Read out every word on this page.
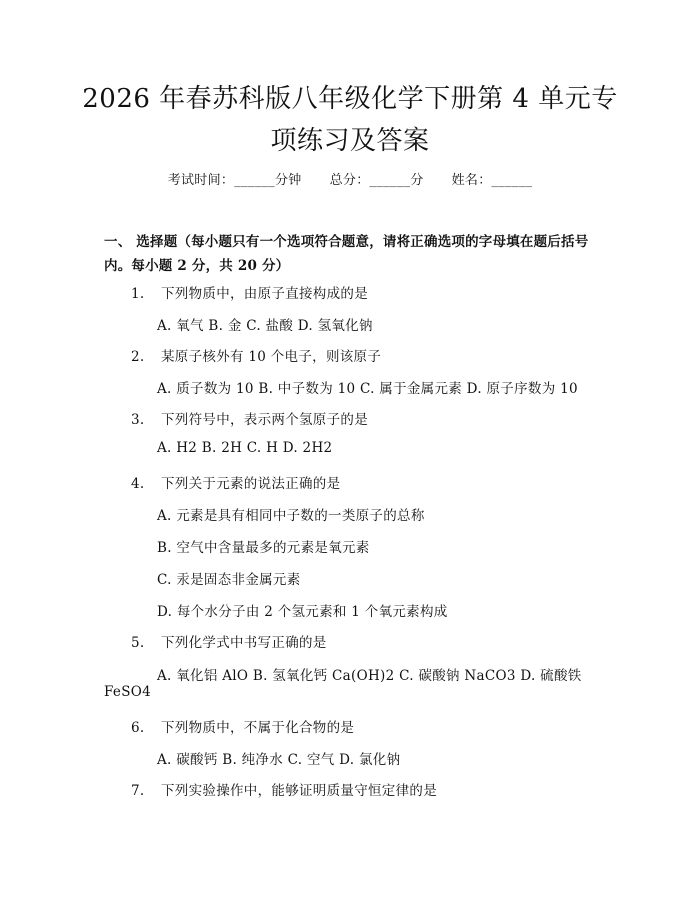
2026 年春苏科版八年级化学下册第 4 单元专
项练习及答案
考试时间：______分钟 总分：______分 姓名：______
一、 选择题（每小题只有一个选项符合题意，请将正确选项的字母填在题后括号内。每小题 2 分，共 20 分）
1. 下列物质中，由原子直接构成的是
A. 氧气 B. 金 C. 盐酸 D. 氢氧化钠
2. 某原子核外有 10 个电子，则该原子
A. 质子数为 10 B. 中子数为 10 C. 属于金属元素 D. 原子序数为 10
3. 下列符号中，表示两个氢原子的是
A. H2 B. 2H C. H D. 2H2
4. 下列关于元素的说法正确的是
A. 元素是具有相同中子数的一类原子的总称
B. 空气中含量最多的元素是氧元素
C. 汞是固态非金属元素
D. 每个水分子由 2 个氢元素和 1 个氧元素构成
5. 下列化学式中书写正确的是
A. 氧化铝 AlO B. 氢氧化钙 Ca(OH)2 C. 碳酸钠 NaCO3 D. 硫酸铁
FeSO4
6. 下列物质中，不属于化合物的是
A. 碳酸钙 B. 纯净水 C. 空气 D. 氯化钠
7. 下列实验操作中，能够证明质量守恒定律的是
